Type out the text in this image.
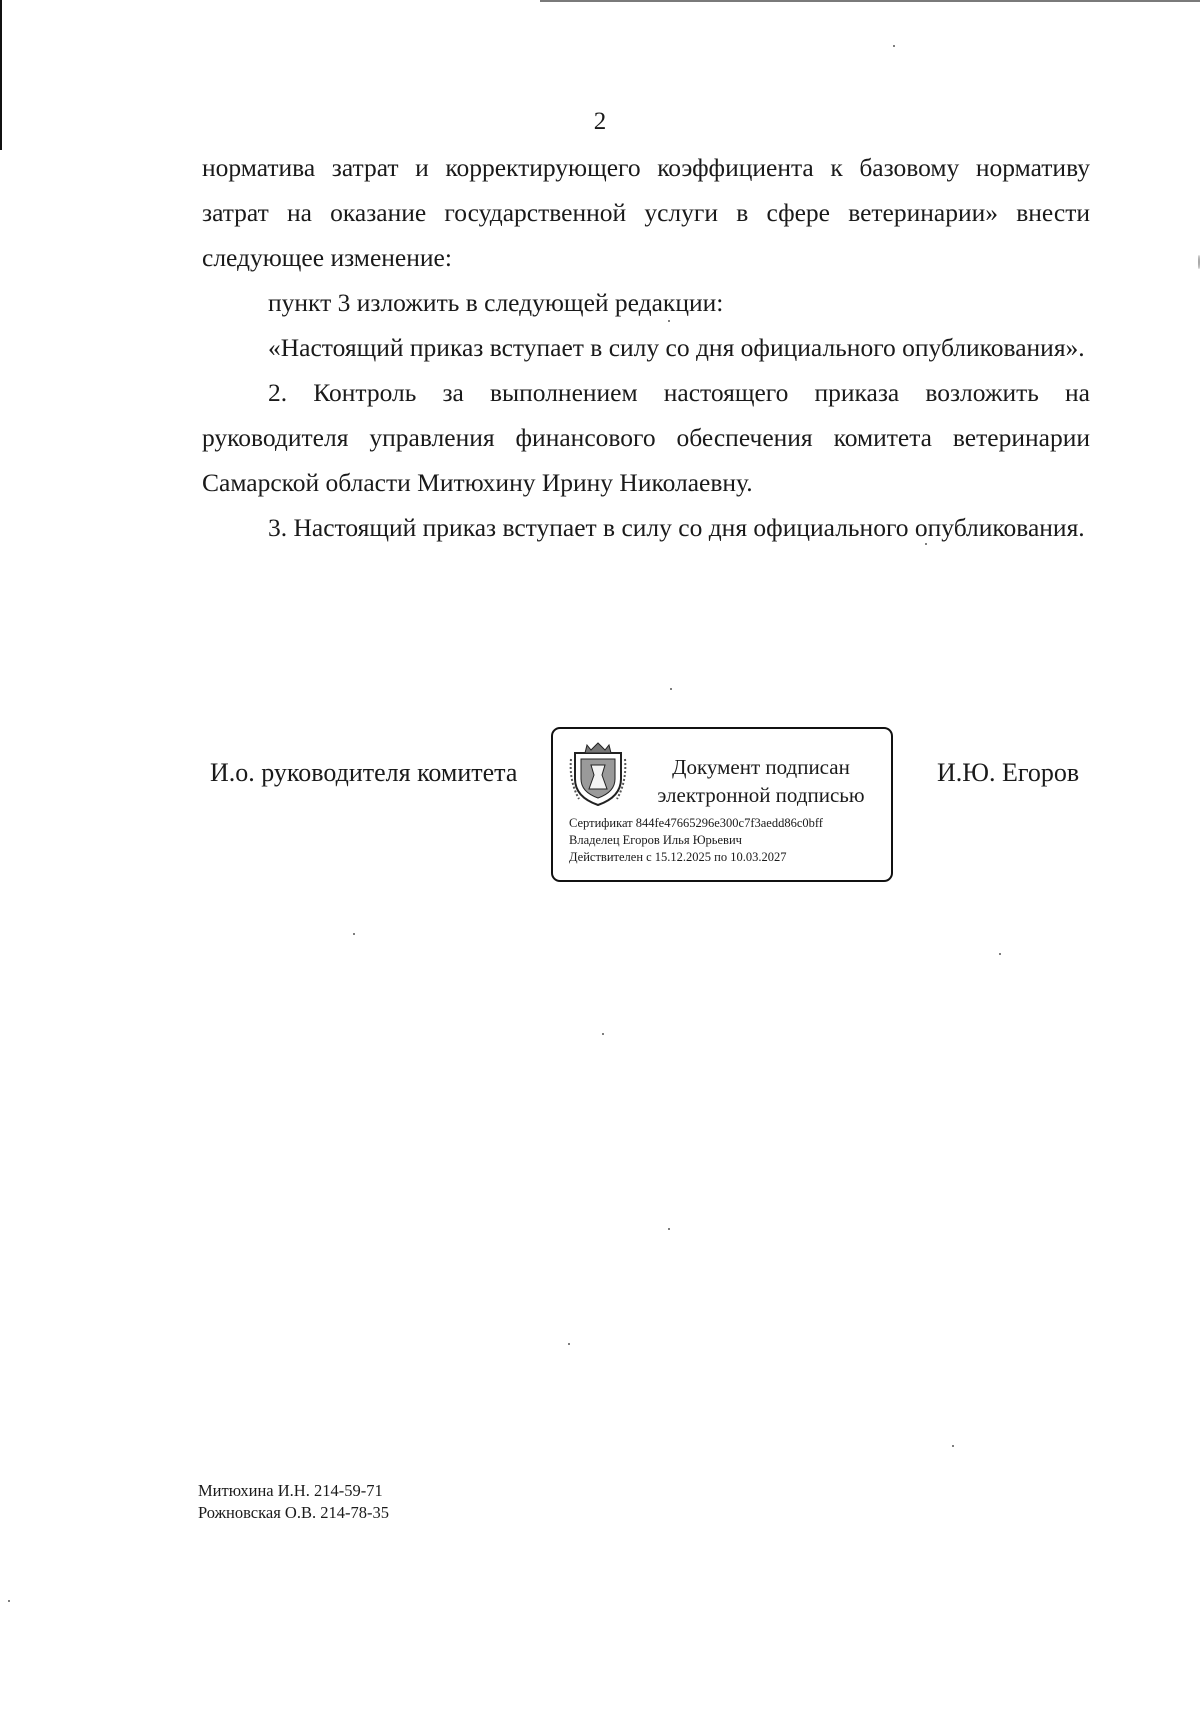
2

норматива затрат и корректирующего коэффициента к базовому нормативу затрат на оказание государственной услуги в сфере ветеринарии» внести следующее изменение:

пункт 3 изложить в следующей редакции:

«Настоящий приказ вступает в силу со дня официального опубликования».

2. Контроль за выполнением настоящего приказа возложить на руководителя управления финансового обеспечения комитета ветеринарии Самарской области Митюхину Ирину Николаевну.

3. Настоящий приказ вступает в силу со дня официального опубликования.

И.о. руководителя комитета	Документ подписан
электронной подписью
Сертификат 844fe47665296e300c7f3aedd86c0bff
Владелец Егоров Илья Юрьевич
Действителен с 15.12.2025 по 10.03.2027
И.Ю. Егоров
Митюхина И.Н. 214-59-71
Рожновская О.В. 214-78-35
